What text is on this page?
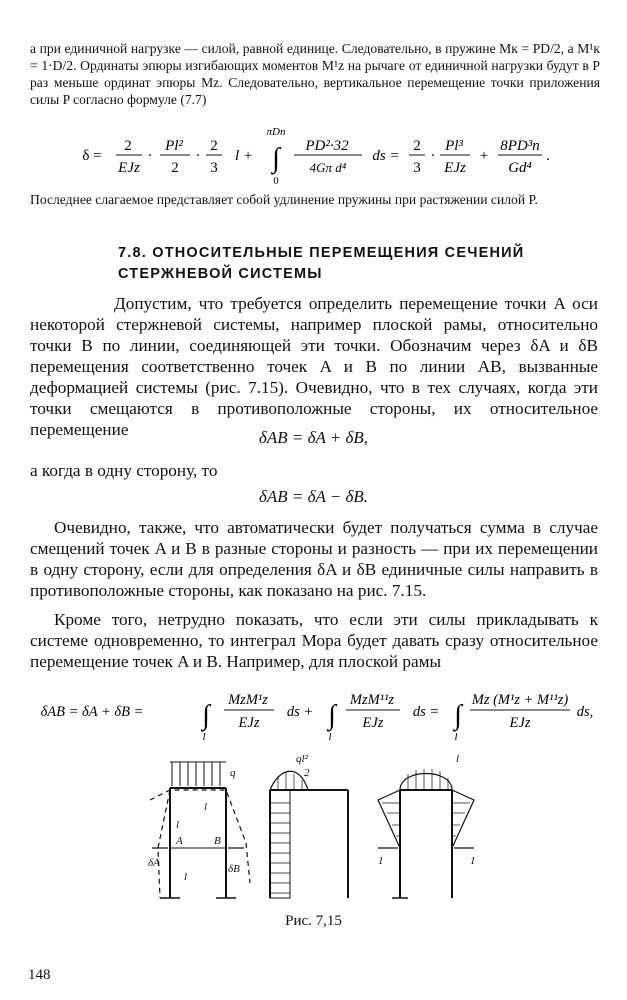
а при единичной нагрузке — силой, равной единице. Следовательно, в пружине Mк = PD/2, а M¹к = 1·D/2. Ординаты эпюры изгибающих моментов M¹z на рычаге от единичной нагрузки будут в P раз меньше ординат эпюры Mz. Следовательно, вертикальное перемещение точки приложения силы P согласно формуле (7.7)
δ =
2
EJz
·
Pl²
2
·
2
3
l +
πDn
0
∫ PD²·32
4Gπ d⁴
ds =
2
3
·
Pl³
EJz
+
8PD³n
Gd⁴
.
Последнее слагаемое представляет собой удлинение пружины при растяжении силой P.
7.8. ОТНОСИТЕЛЬНЫЕ ПЕРЕМЕЩЕНИЯ СЕЧЕНИЙ
СТЕРЖНЕВОЙ СИСТЕМЫ
Допустим, что требуется определить перемещение точки A оси некоторой стержневой системы, например плоской рамы, относительно точки B по линии, соединяющей эти точки. Обозначим через δA и δB перемещения соответственно точек A и B по линии AB, вызванные деформацией системы (рис. 7.15). Очевидно, что в тех случаях, когда эти точки смещаются в противоположные стороны, их относительное перемещение	δAB = δA + δB,
а когда в одну сторону, то
δAB = δA − δB.
Очевидно, также, что автоматически будет получаться сумма в случае смещений точек A и B в разные стороны и разность — при их перемещении в одну сторону, если для определения δA и δB единичные силы направить в противоположные стороны, как показано на рис. 7.15.
Кроме того, нетрудно показать, что если эти силы прикладывать к системе одновременно, то интеграл Мора будет давать сразу относительное перемещение точек A и B. Например, для плоской рамы
δAB = δA + δB = ∫
l
MzM¹z
EJz
ds + ∫
l
MzM¹¹z
EJz
ds = ∫
l
Mz (M¹z + M¹¹z)
EJz
ds,
q
l
l
A	B
δA	δB
l
ql²
2
l
1	1
Рис. 7,15
148
